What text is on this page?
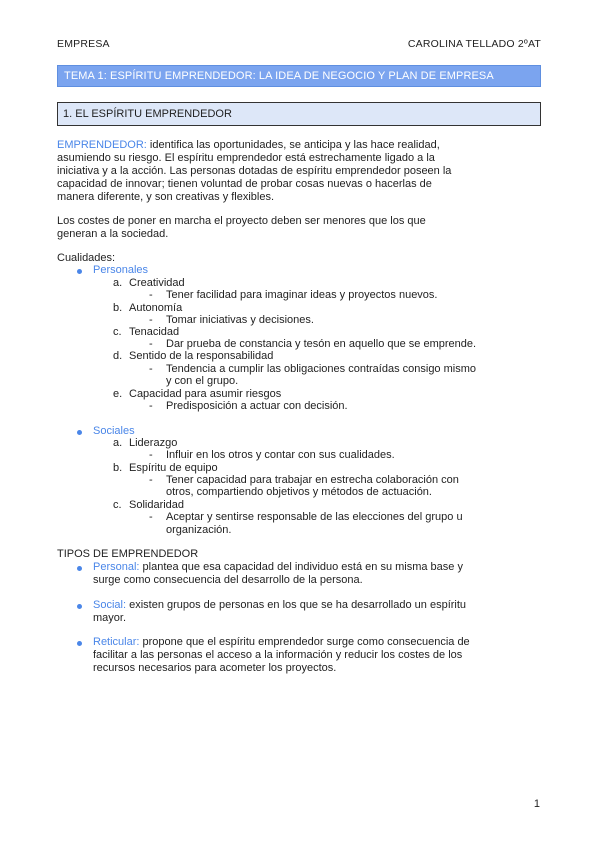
EMPRESA	CAROLINA TELLADO 2ºAT
TEMA 1: ESPÍRITU EMPRENDEDOR: LA IDEA DE NEGOCIO Y PLAN DE EMPRESA
1. EL ESPÍRITU EMPRENDEDOR
EMPRENDEDOR: identifica las oportunidades, se anticipa y las hace realidad,
asumiendo su riesgo. El espíritu emprendedor está estrechamente ligado a la
iniciativa y a la acción. Las personas dotadas de espíritu emprendedor poseen la
capacidad de innovar; tienen voluntad de probar cosas nuevas o hacerlas de
manera diferente, y son creativas y flexibles.
Los costes de poner en marcha el proyecto deben ser menores que los que
generan a la sociedad.
Cualidades:
Personales
a. Creatividad
- Tener facilidad para imaginar ideas y proyectos nuevos.
b. Autonomía
- Tomar iniciativas y decisiones.
c. Tenacidad
- Dar prueba de constancia y tesón en aquello que se emprende.
d. Sentido de la responsabilidad
- Tendencia a cumplir las obligaciones contraídas consigo mismo
y con el grupo.
e. Capacidad para asumir riesgos
- Predisposición a actuar con decisión.
Sociales
a. Liderazgo
- Influir en los otros y contar con sus cualidades.
b. Espíritu de equipo
- Tener capacidad para trabajar en estrecha colaboración con
otros, compartiendo objetivos y métodos de actuación.
c. Solidaridad
- Aceptar y sentirse responsable de las elecciones del grupo u
organización.
TIPOS DE EMPRENDEDOR
Personal: plantea que esa capacidad del individuo está en su misma base y
surge como consecuencia del desarrollo de la persona.
Social: existen grupos de personas en los que se ha desarrollado un espíritu
mayor.
Reticular: propone que el espíritu emprendedor surge como consecuencia de
facilitar a las personas el acceso a la información y reducir los costes de los
recursos necesarios para acometer los proyectos.
1
